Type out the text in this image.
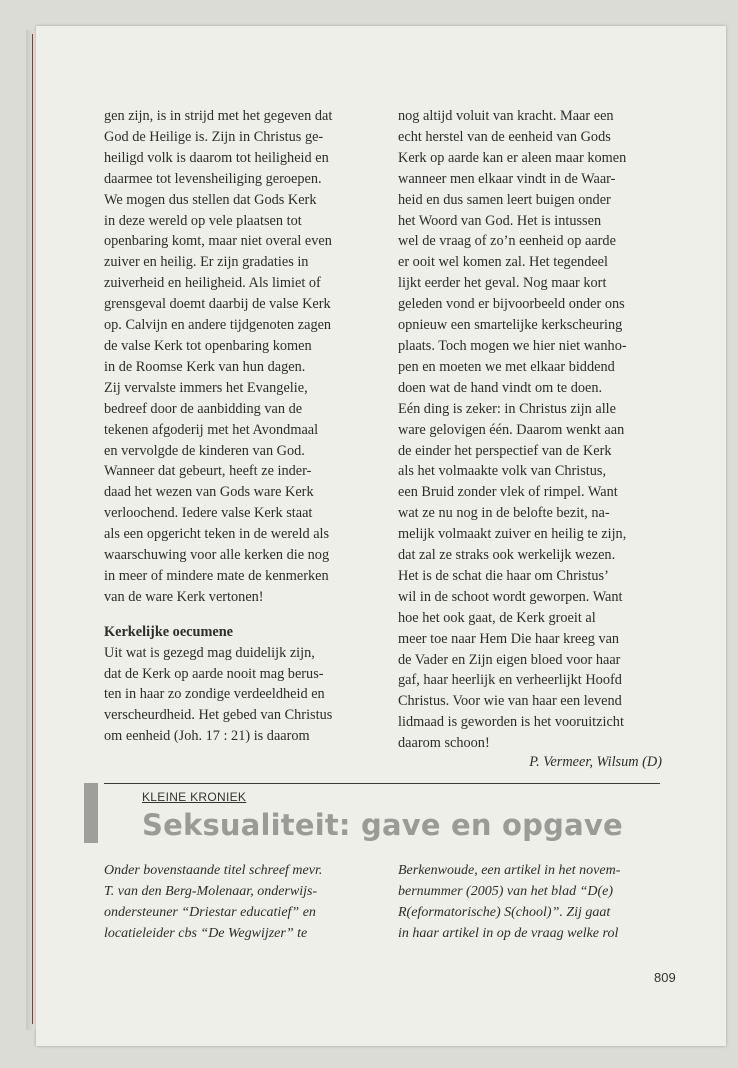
gen zijn, is in strijd met het gegeven dat
God de Heilige is. Zijn in Christus ge-
heiligd volk is daarom tot heiligheid en
daarmee tot levensheiliging geroepen.
We mogen dus stellen dat Gods Kerk
in deze wereld op vele plaatsen tot
openbaring komt, maar niet overal even
zuiver en heilig. Er zijn gradaties in
zuiverheid en heiligheid. Als limiet of
grensgeval doemt daarbij de valse Kerk
op. Calvijn en andere tijdgenoten zagen
de valse Kerk tot openbaring komen
in de Roomse Kerk van hun dagen.
Zij vervalste immers het Evangelie,
bedreef door de aanbidding van de
tekenen afgoderij met het Avondmaal
en vervolgde de kinderen van God.
Wanneer dat gebeurt, heeft ze inder-
daad het wezen van Gods ware Kerk
verloochend. Iedere valse Kerk staat
als een opgericht teken in de wereld als
waarschuwing voor alle kerken die nog
in meer of mindere mate de kenmerken
van de ware Kerk vertonen!
Kerkelijke oecumene
Uit wat is gezegd mag duidelijk zijn,
dat de Kerk op aarde nooit mag berus-
ten in haar zo zondige verdeeldheid en
verscheurdheid. Het gebed van Christus
om eenheid (Joh. 17 : 21) is daarom
nog altijd voluit van kracht. Maar een
echt herstel van de eenheid van Gods
Kerk op aarde kan er aleen maar komen
wanneer men elkaar vindt in de Waar-
heid en dus samen leert buigen onder
het Woord van God. Het is intussen
wel de vraag of zo’n eenheid op aarde
er ooit wel komen zal. Het tegendeel
lijkt eerder het geval. Nog maar kort
geleden vond er bijvoorbeeld onder ons
opnieuw een smartelijke kerkscheuring
plaats. Toch mogen we hier niet wanho-
pen en moeten we met elkaar biddend
doen wat de hand vindt om te doen.
Eén ding is zeker: in Christus zijn alle
ware gelovigen één. Daarom wenkt aan
de einder het perspectief van de Kerk
als het volmaakte volk van Christus,
een Bruid zonder vlek of rimpel. Want
wat ze nu nog in de belofte bezit, na-
melijk volmaakt zuiver en heilig te zijn,
dat zal ze straks ook werkelijk wezen.
Het is de schat die haar om Christus’
wil in de schoot wordt geworpen. Want
hoe het ook gaat, de Kerk groeit al
meer toe naar Hem Die haar kreeg van
de Vader en Zijn eigen bloed voor haar
gaf, haar heerlijk en verheerlijkt Hoofd
Christus. Voor wie van haar een levend
lidmaad is geworden is het vooruitzicht
daarom schoon!
P. Vermeer, Wilsum (D)
KLEINE KRONIEK
Seksualiteit: gave en opgave
Onder bovenstaande titel schreef mevr.
T. van den Berg-Molenaar, onderwijs-
ondersteuner “Driestar educatief” en
locatieleider cbs “De Wegwijzer” te
Berkenwoude, een artikel in het novem-
bernummer (2005) van het blad “D(e)
R(eformatorische) S(chool)”. Zij gaat
in haar artikel in op de vraag welke rol
809
